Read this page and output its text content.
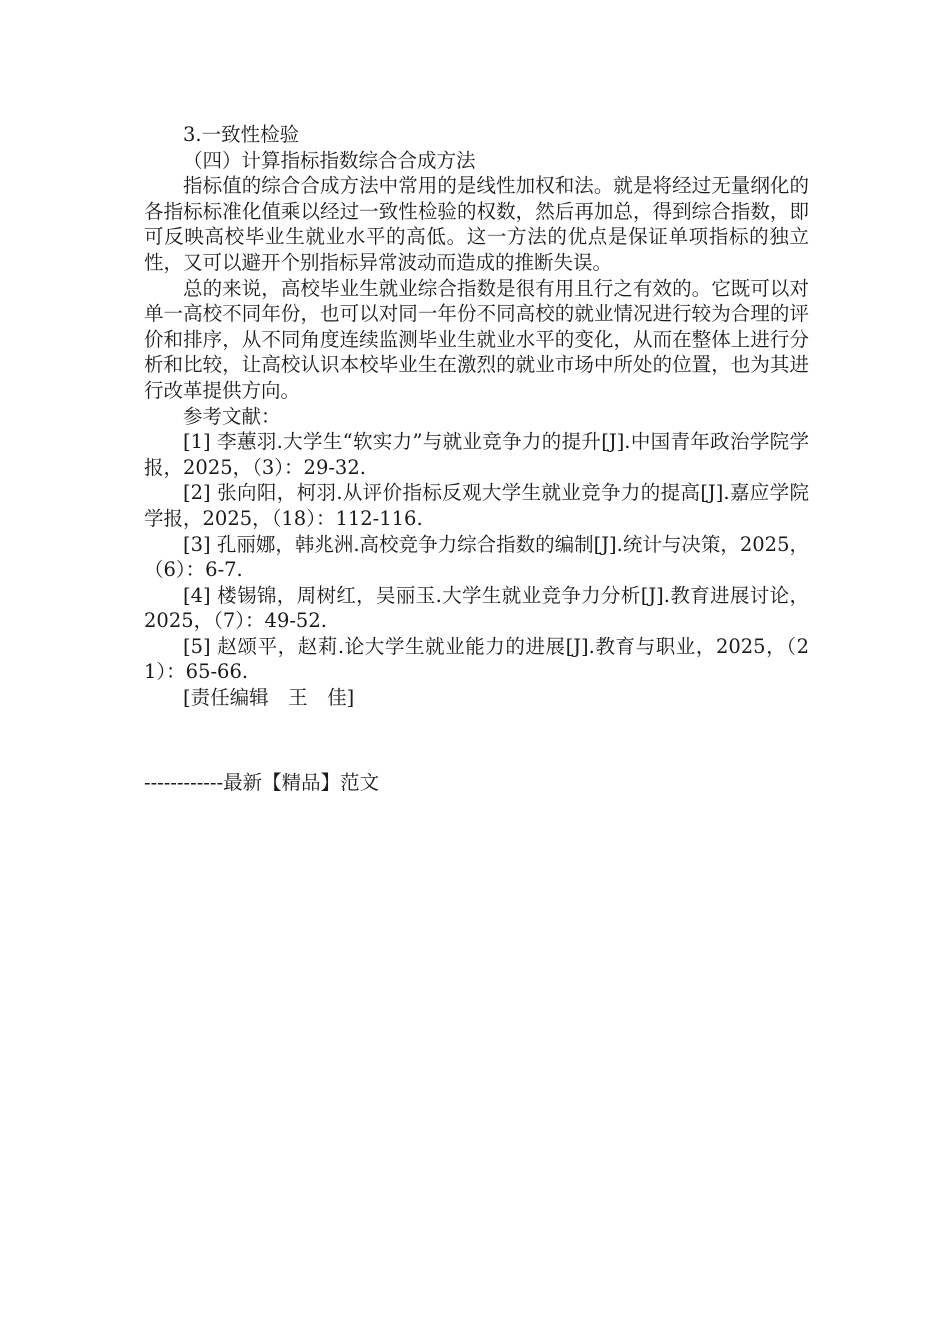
3.一致性检验

（四）计算指标指数综合合成方法

指标值的综合合成方法中常用的是线性加权和法。就是将经过无量纲化的各指标标准化值乘以经过一致性检验的权数，然后再加总，得到综合指数，即可反映高校毕业生就业水平的高低。这一方法的优点是保证单项指标的独立性，又可以避开个别指标异常波动而造成的推断失误。

总的来说，高校毕业生就业综合指数是很有用且行之有效的。它既可以对单一高校不同年份，也可以对同一年份不同高校的就业情况进行较为合理的评价和排序，从不同角度连续监测毕业生就业水平的变化，从而在整体上进行分析和比较，让高校认识本校毕业生在激烈的就业市场中所处的位置，也为其进行改革提供方向。

参考文献：

[1] 李蕙羽.大学生“软实力”与就业竞争力的提升[J].中国青年政治学院学报，2025，（3）：29-32.

[2] 张向阳，柯羽.从评价指标反观大学生就业竞争力的提高[J].嘉应学院学报，2025，（18）：112-116.

[3] 孔丽娜，韩兆洲.高校竞争力综合指数的编制[J].统计与决策，2025，（6）：6-7.

[4] 楼锡锦，周树红，吴丽玉.大学生就业竞争力分析[J].教育进展讨论，2025，（7）：49-52.

[5] 赵颂平，赵莉.论大学生就业能力的进展[J].教育与职业，2025，（21）：65-66.

[责任编辑　王　佳]

------------最新【精品】范文
